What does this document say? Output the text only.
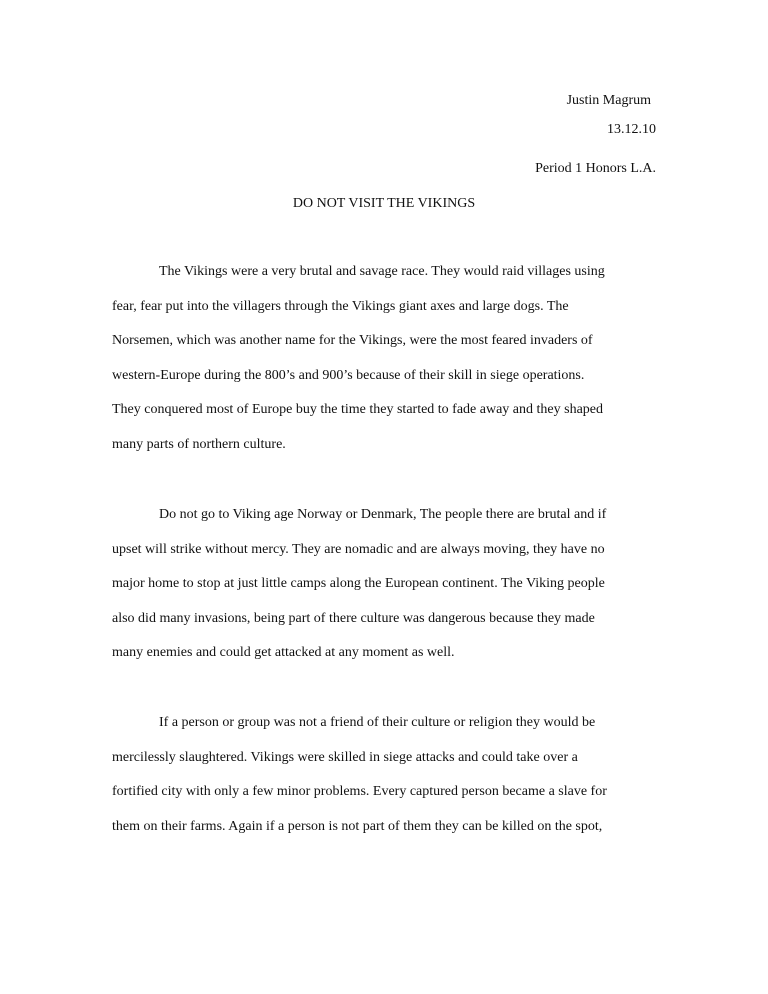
Justin Magrum
13.12.10
Period 1 Honors L.A.
DO NOT VISIT THE VIKINGS
The Vikings were a very brutal and savage race. They would raid villages using
fear, fear put into the villagers through the Vikings giant axes and large dogs. The
Norsemen, which was another name for the Vikings, were the most feared invaders of
western-Europe during the 800’s and 900’s because of their skill in siege operations.
They conquered most of Europe buy the time they started to fade away and they shaped
many parts of northern culture.
Do not go to Viking age Norway or Denmark, The people there are brutal and if
upset will strike without mercy. They are nomadic and are always moving, they have no
major home to stop at just little camps along the European continent. The Viking people
also did many invasions, being part of there culture was dangerous because they made
many enemies and could get attacked at any moment as well.
If a person or group was not a friend of their culture or religion they would be
mercilessly slaughtered. Vikings were skilled in siege attacks and could take over a
fortified city with only a few minor problems. Every captured person became a slave for
them on their farms. Again if a person is not part of them they can be killed on the spot,
